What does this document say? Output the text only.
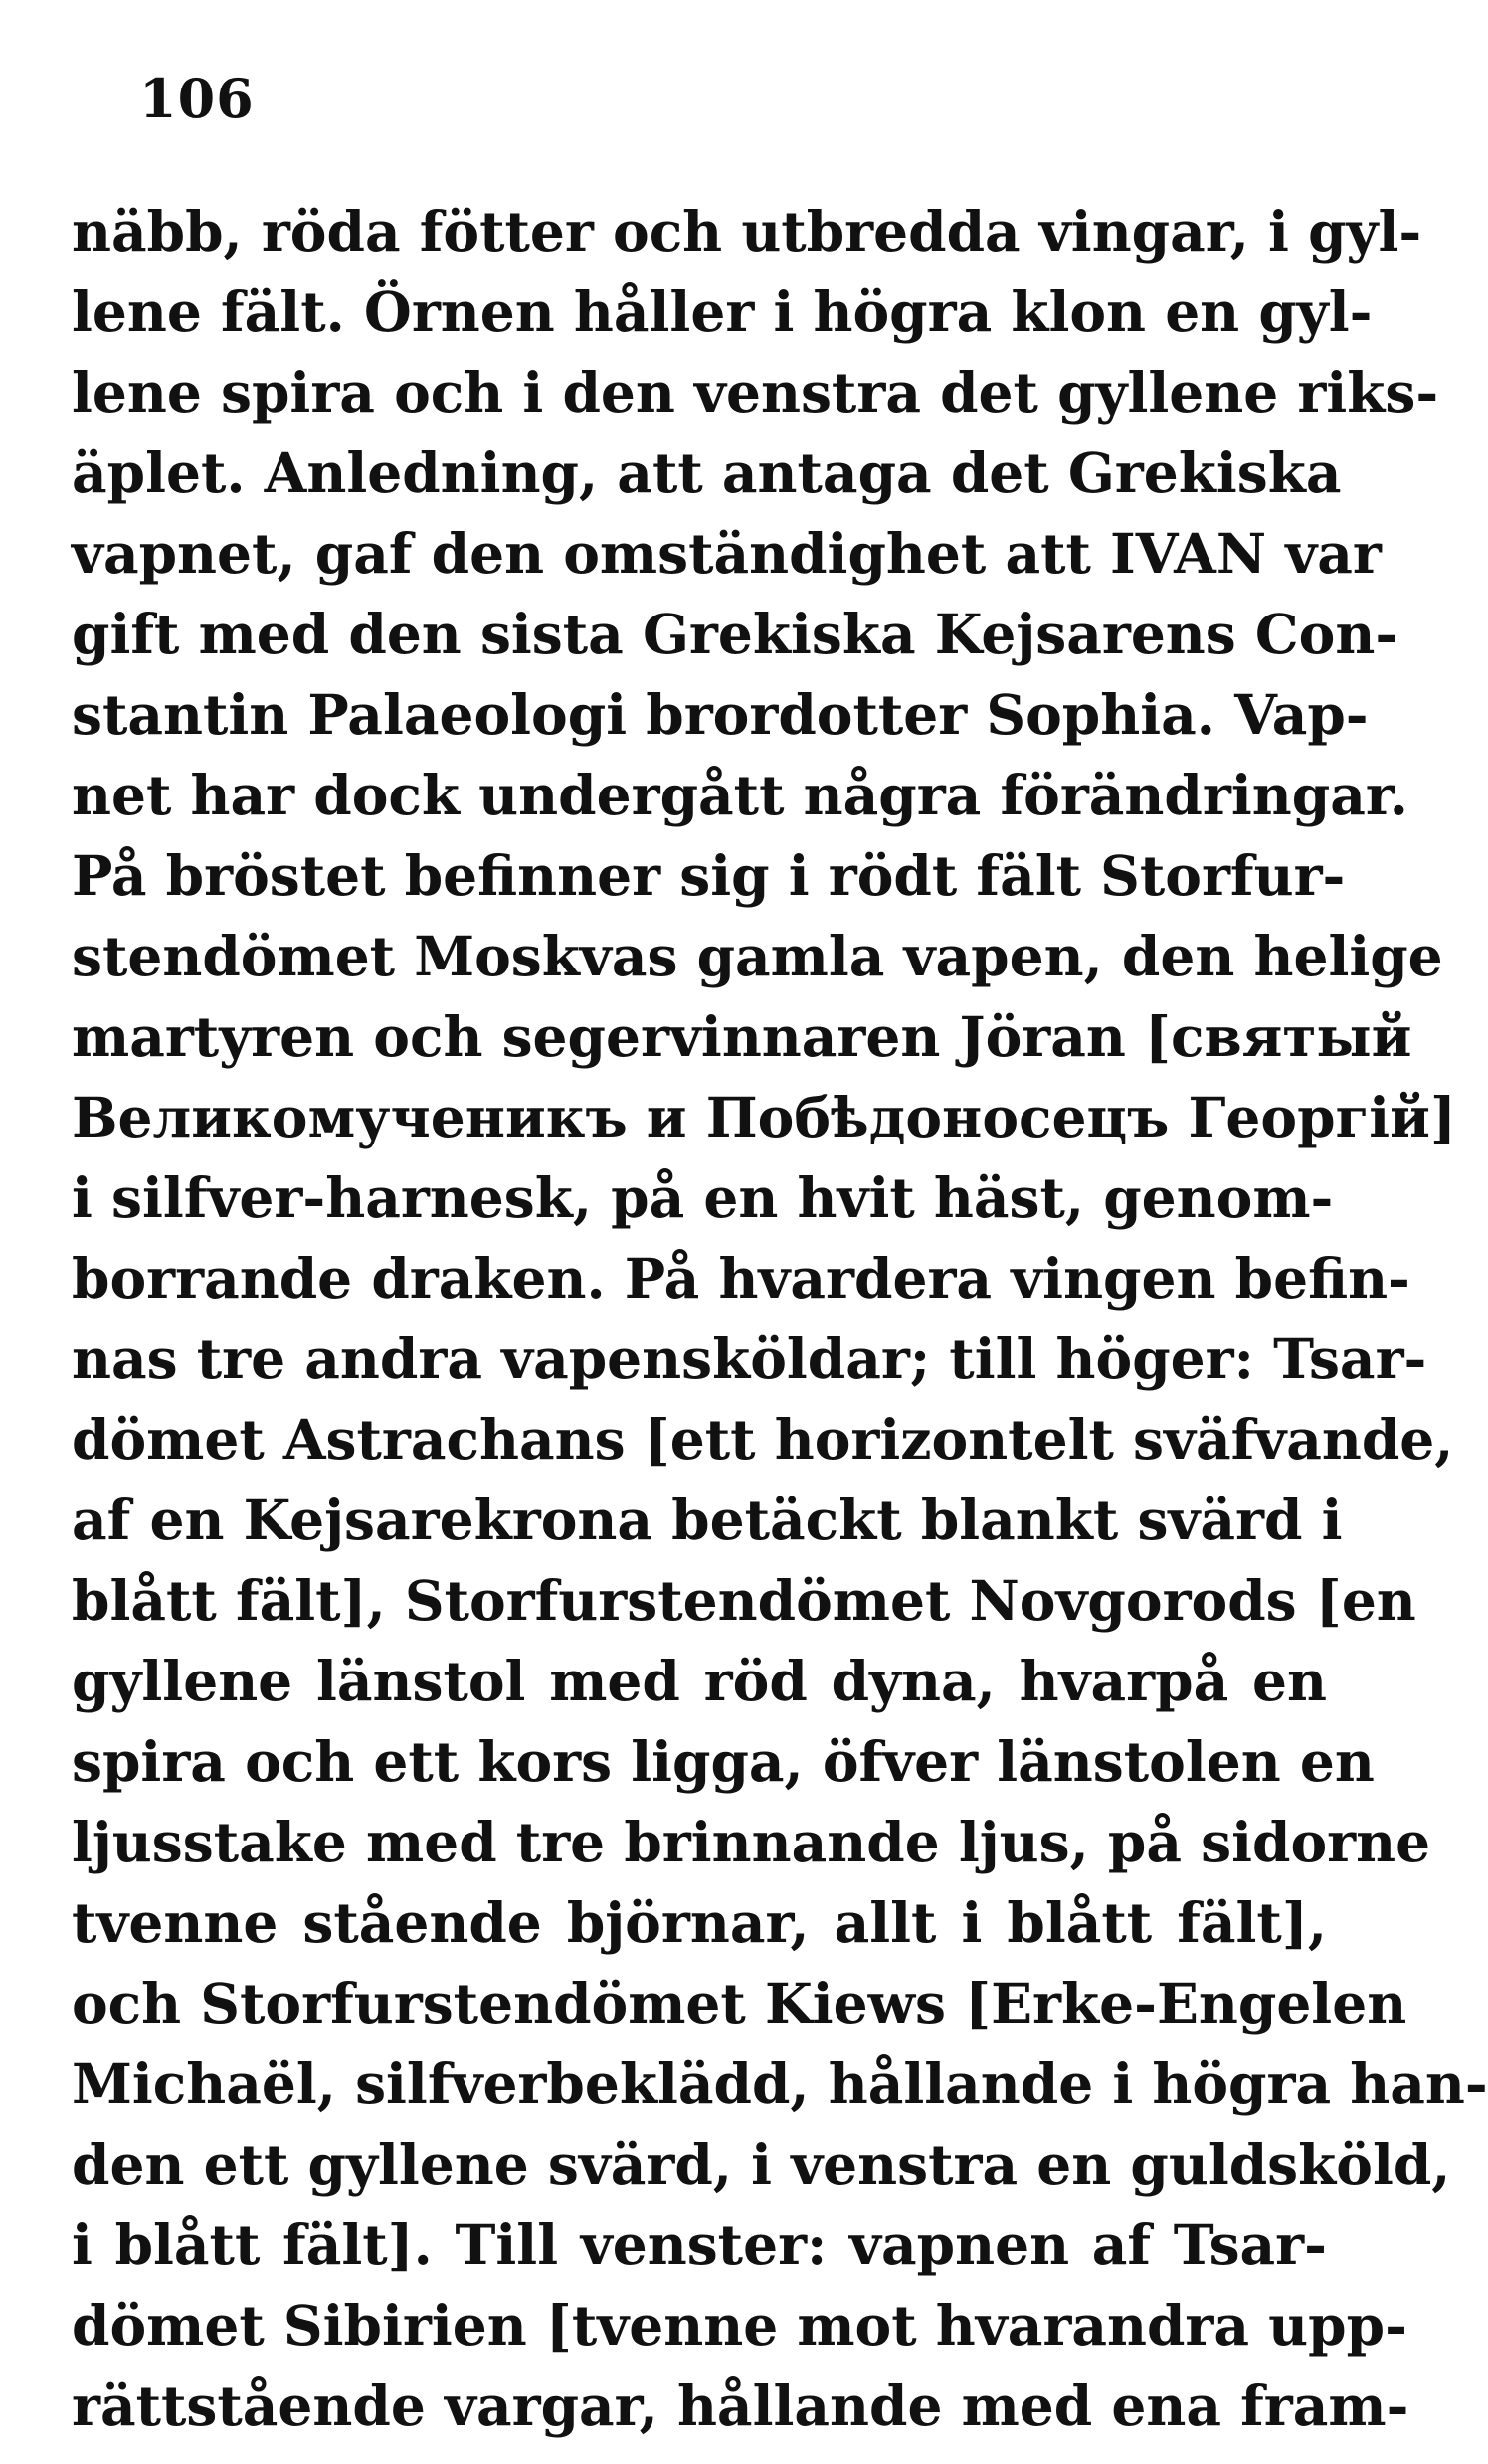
106
näbb, röda fötter och utbredda vingar, i gyl-
lene fält. Örnen håller i högra klon en gyl-
lene spira och i den venstra det gyllene riks-
äplet. Anledning, att antaga det Grekiska
vapnet, gaf den omständighet att IVAN var
gift med den sista Grekiska Kejsarens Con-
stantin Palaeologi brordotter Sophia. Vap-
net har dock undergått några förändringar.
På bröstet befinner sig i rödt fält Storfur-
stendömet Moskvas gamla vapen, den helige
martyren och segervinnaren Jöran [святый
Великомученикъ и Побѣдоносецъ Георгій]
i silfver-harnesk, på en hvit häst, genom-
borrande draken. På hvardera vingen befin-
nas tre andra vapensköldar; till höger: Tsar-
dömet Astrachans [ett horizontelt sväfvande,
af en Kejsarekrona betäckt blankt svärd i
blått fält], Storfurstendömet Novgorods [en
gyllene länstol med röd dyna, hvarpå en
spira och ett kors ligga, öfver länstolen en
ljusstake med tre brinnande ljus, på sidorne
tvenne stående björnar, allt i blått fält],
och Storfurstendömet Kiews [Erke-Engelen
Michaël, silfverbeklädd, hållande i högra han-
den ett gyllene svärd, i venstra en guldsköld,
i blått fält]. Till venster: vapnen af Tsar-
dömet Sibirien [tvenne mot hvarandra upp-
rättstående vargar, hållande med ena fram-
